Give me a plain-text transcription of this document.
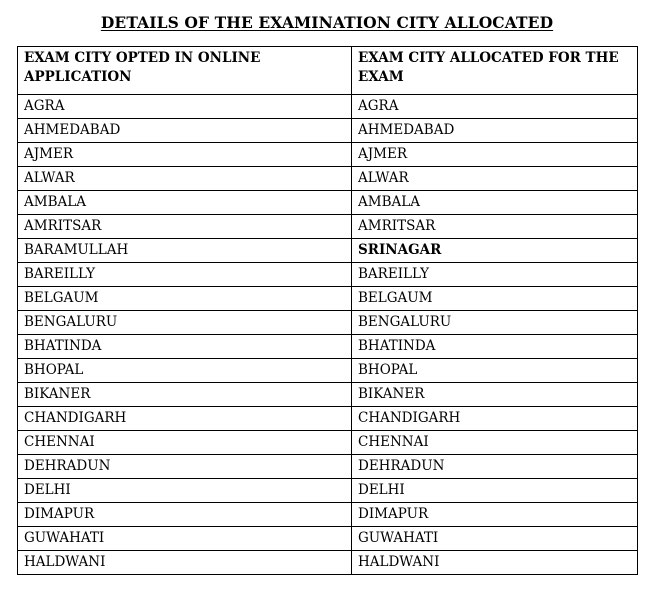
DETAILS OF THE EXAMINATION CITY ALLOCATED
EXAM CITY OPTED IN ONLINE APPLICATION	EXAM CITY ALLOCATED FOR THE EXAM
AGRA	AGRA
AHMEDABAD	AHMEDABAD
AJMER	AJMER
ALWAR	ALWAR
AMBALA	AMBALA
AMRITSAR	AMRITSAR
BARAMULLAH	SRINAGAR
BAREILLY	BAREILLY
BELGAUM	BELGAUM
BENGALURU	BENGALURU
BHATINDA	BHATINDA
BHOPAL	BHOPAL
BIKANER	BIKANER
CHANDIGARH	CHANDIGARH
CHENNAI	CHENNAI
DEHRADUN	DEHRADUN
DELHI	DELHI
DIMAPUR	DIMAPUR
GUWAHATI	GUWAHATI
HALDWANI	HALDWANI
